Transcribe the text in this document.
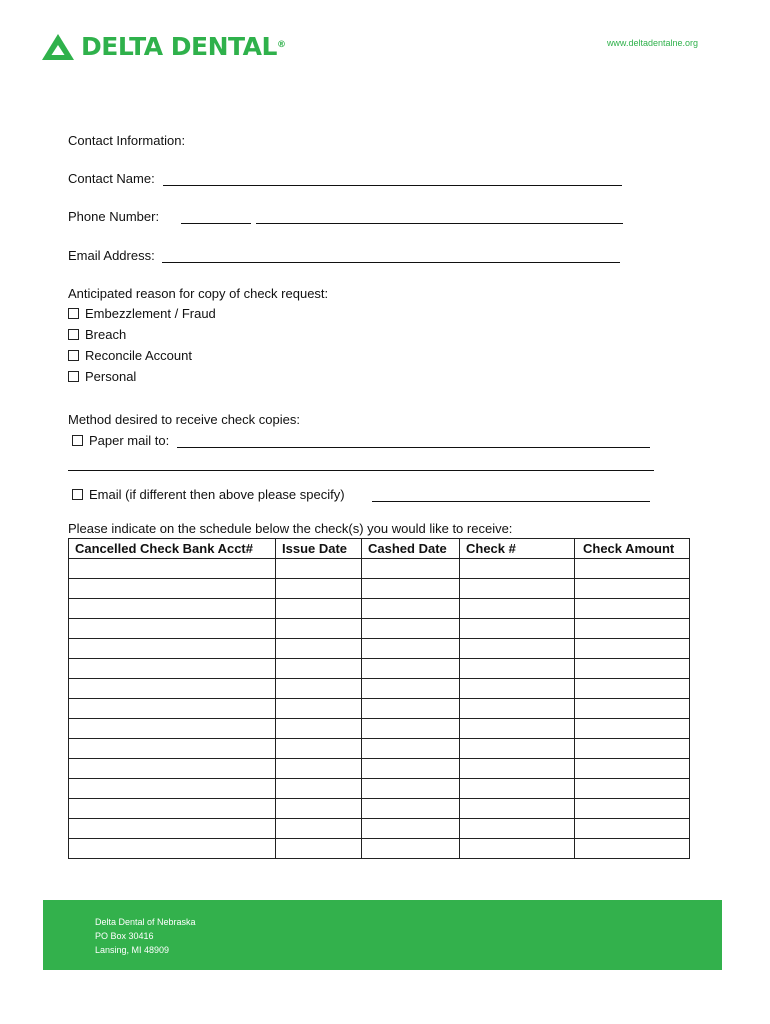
DELTA DENTAL®	www.deltadentalne.org
Contact Information:
Contact Name:
Phone Number:
Email Address:
Anticipated reason for copy of check request:
Embezzlement / Fraud
Breach
Reconcile Account
Personal
Method desired to receive check copies:
Paper mail to:
Email (if different then above please specify)
Please indicate on the schedule below the check(s) you would like to receive:
Cancelled Check Bank Acct#	Issue Date	Cashed Date	Check #	Check Amount

Delta Dental of Nebraska
PO Box 30416
Lansing, MI 48909
